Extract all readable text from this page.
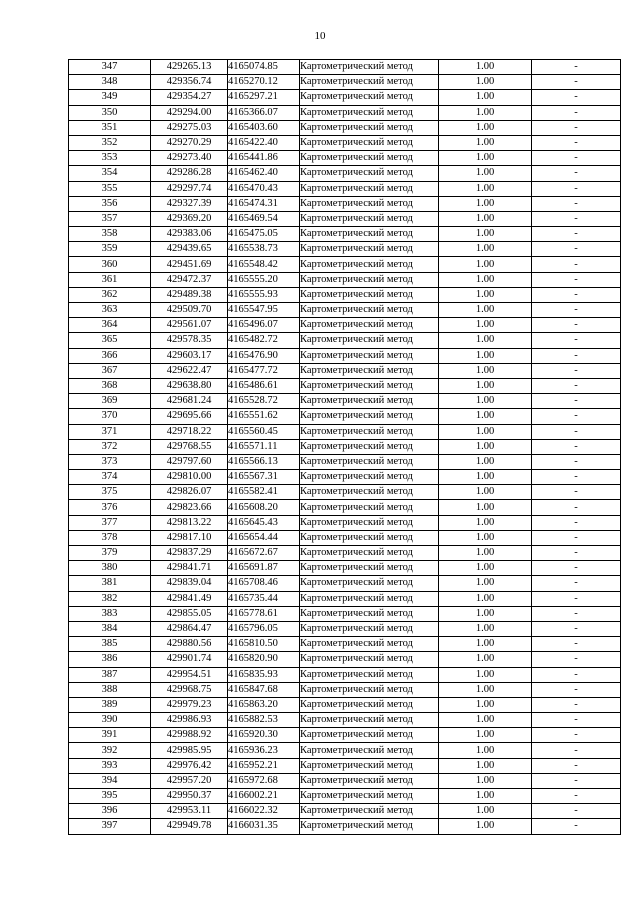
10
347	429265.13	4165074.85	Картометрический метод	1.00	-
348	429356.74	4165270.12	Картометрический метод	1.00	-
349	429354.27	4165297.21	Картометрический метод	1.00	-
350	429294.00	4165366.07	Картометрический метод	1.00	-
351	429275.03	4165403.60	Картометрический метод	1.00	-
352	429270.29	4165422.40	Картометрический метод	1.00	-
353	429273.40	4165441.86	Картометрический метод	1.00	-
354	429286.28	4165462.40	Картометрический метод	1.00	-
355	429297.74	4165470.43	Картометрический метод	1.00	-
356	429327.39	4165474.31	Картометрический метод	1.00	-
357	429369.20	4165469.54	Картометрический метод	1.00	-
358	429383.06	4165475.05	Картометрический метод	1.00	-
359	429439.65	4165538.73	Картометрический метод	1.00	-
360	429451.69	4165548.42	Картометрический метод	1.00	-
361	429472.37	4165555.20	Картометрический метод	1.00	-
362	429489.38	4165555.93	Картометрический метод	1.00	-
363	429509.70	4165547.95	Картометрический метод	1.00	-
364	429561.07	4165496.07	Картометрический метод	1.00	-
365	429578.35	4165482.72	Картометрический метод	1.00	-
366	429603.17	4165476.90	Картометрический метод	1.00	-
367	429622.47	4165477.72	Картометрический метод	1.00	-
368	429638.80	4165486.61	Картометрический метод	1.00	-
369	429681.24	4165528.72	Картометрический метод	1.00	-
370	429695.66	4165551.62	Картометрический метод	1.00	-
371	429718.22	4165560.45	Картометрический метод	1.00	-
372	429768.55	4165571.11	Картометрический метод	1.00	-
373	429797.60	4165566.13	Картометрический метод	1.00	-
374	429810.00	4165567.31	Картометрический метод	1.00	-
375	429826.07	4165582.41	Картометрический метод	1.00	-
376	429823.66	4165608.20	Картометрический метод	1.00	-
377	429813.22	4165645.43	Картометрический метод	1.00	-
378	429817.10	4165654.44	Картометрический метод	1.00	-
379	429837.29	4165672.67	Картометрический метод	1.00	-
380	429841.71	4165691.87	Картометрический метод	1.00	-
381	429839.04	4165708.46	Картометрический метод	1.00	-
382	429841.49	4165735.44	Картометрический метод	1.00	-
383	429855.05	4165778.61	Картометрический метод	1.00	-
384	429864.47	4165796.05	Картометрический метод	1.00	-
385	429880.56	4165810.50	Картометрический метод	1.00	-
386	429901.74	4165820.90	Картометрический метод	1.00	-
387	429954.51	4165835.93	Картометрический метод	1.00	-
388	429968.75	4165847.68	Картометрический метод	1.00	-
389	429979.23	4165863.20	Картометрический метод	1.00	-
390	429986.93	4165882.53	Картометрический метод	1.00	-
391	429988.92	4165920.30	Картометрический метод	1.00	-
392	429985.95	4165936.23	Картометрический метод	1.00	-
393	429976.42	4165952.21	Картометрический метод	1.00	-
394	429957.20	4165972.68	Картометрический метод	1.00	-
395	429950.37	4166002.21	Картометрический метод	1.00	-
396	429953.11	4166022.32	Картометрический метод	1.00	-
397	429949.78	4166031.35	Картометрический метод	1.00	-
